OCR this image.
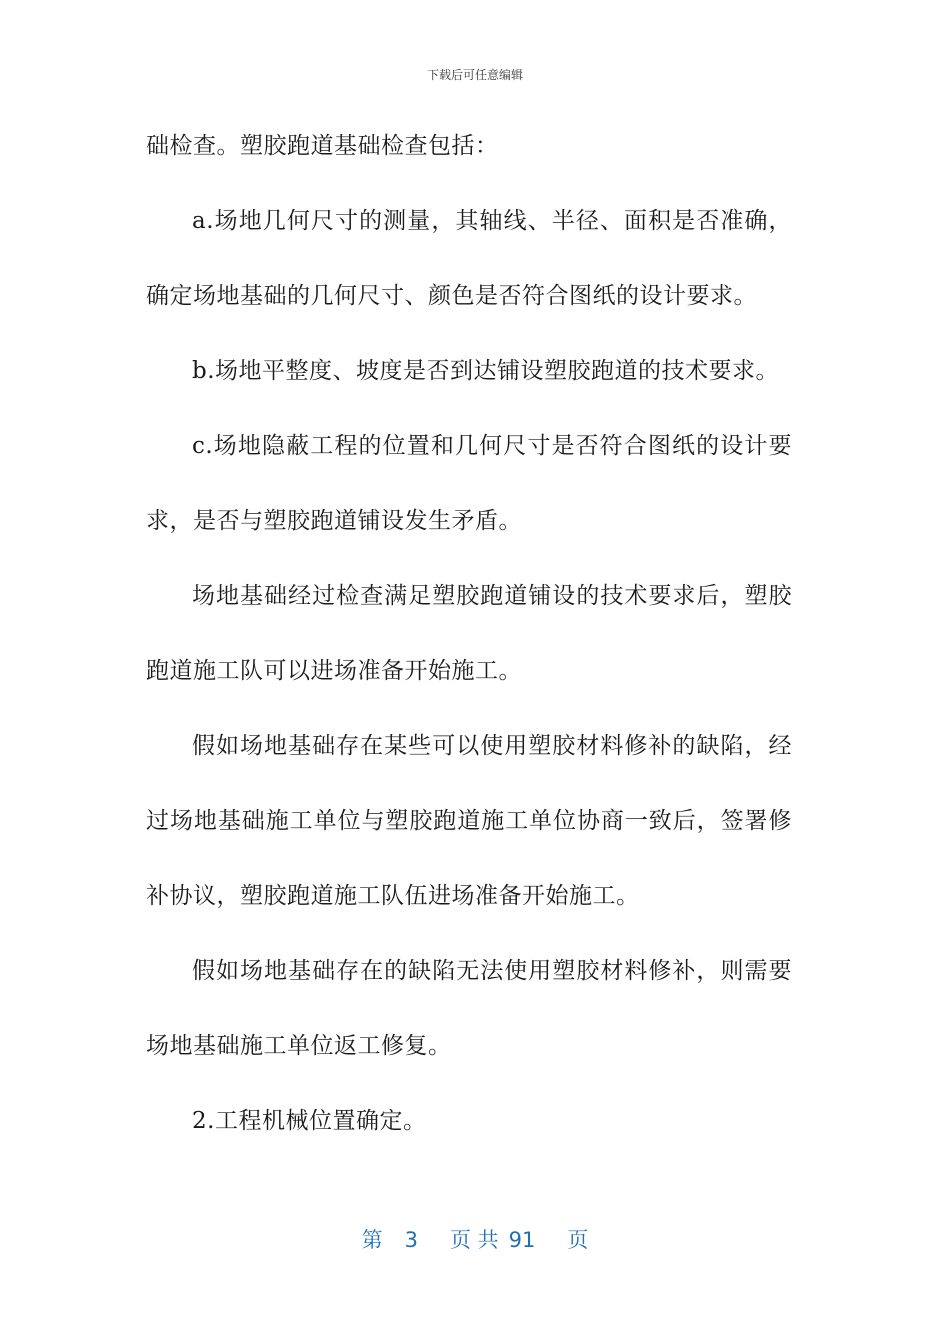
下载后可任意编辑
础检查。塑胶跑道基础检查包括：
a.场地几何尺寸的测量，其轴线、半径、面积是否准确，
确定场地基础的几何尺寸、颜色是否符合图纸的设计要求。
b.场地平整度、坡度是否到达铺设塑胶跑道的技术要求。
c.场地隐蔽工程的位置和几何尺寸是否符合图纸的设计要
求，是否与塑胶跑道铺设发生矛盾。
场地基础经过检查满足塑胶跑道铺设的技术要求后，塑胶
跑道施工队可以进场准备开始施工。
假如场地基础存在某些可以使用塑胶材料修补的缺陷，经
过场地基础施工单位与塑胶跑道施工单位协商一致后，签署修
补协议，塑胶跑道施工队伍进场准备开始施工。
假如场地基础存在的缺陷无法使用塑胶材料修补，则需要
场地基础施工单位返工修复。
2.工程机械位置确定。
第 3 页 共 91 页
